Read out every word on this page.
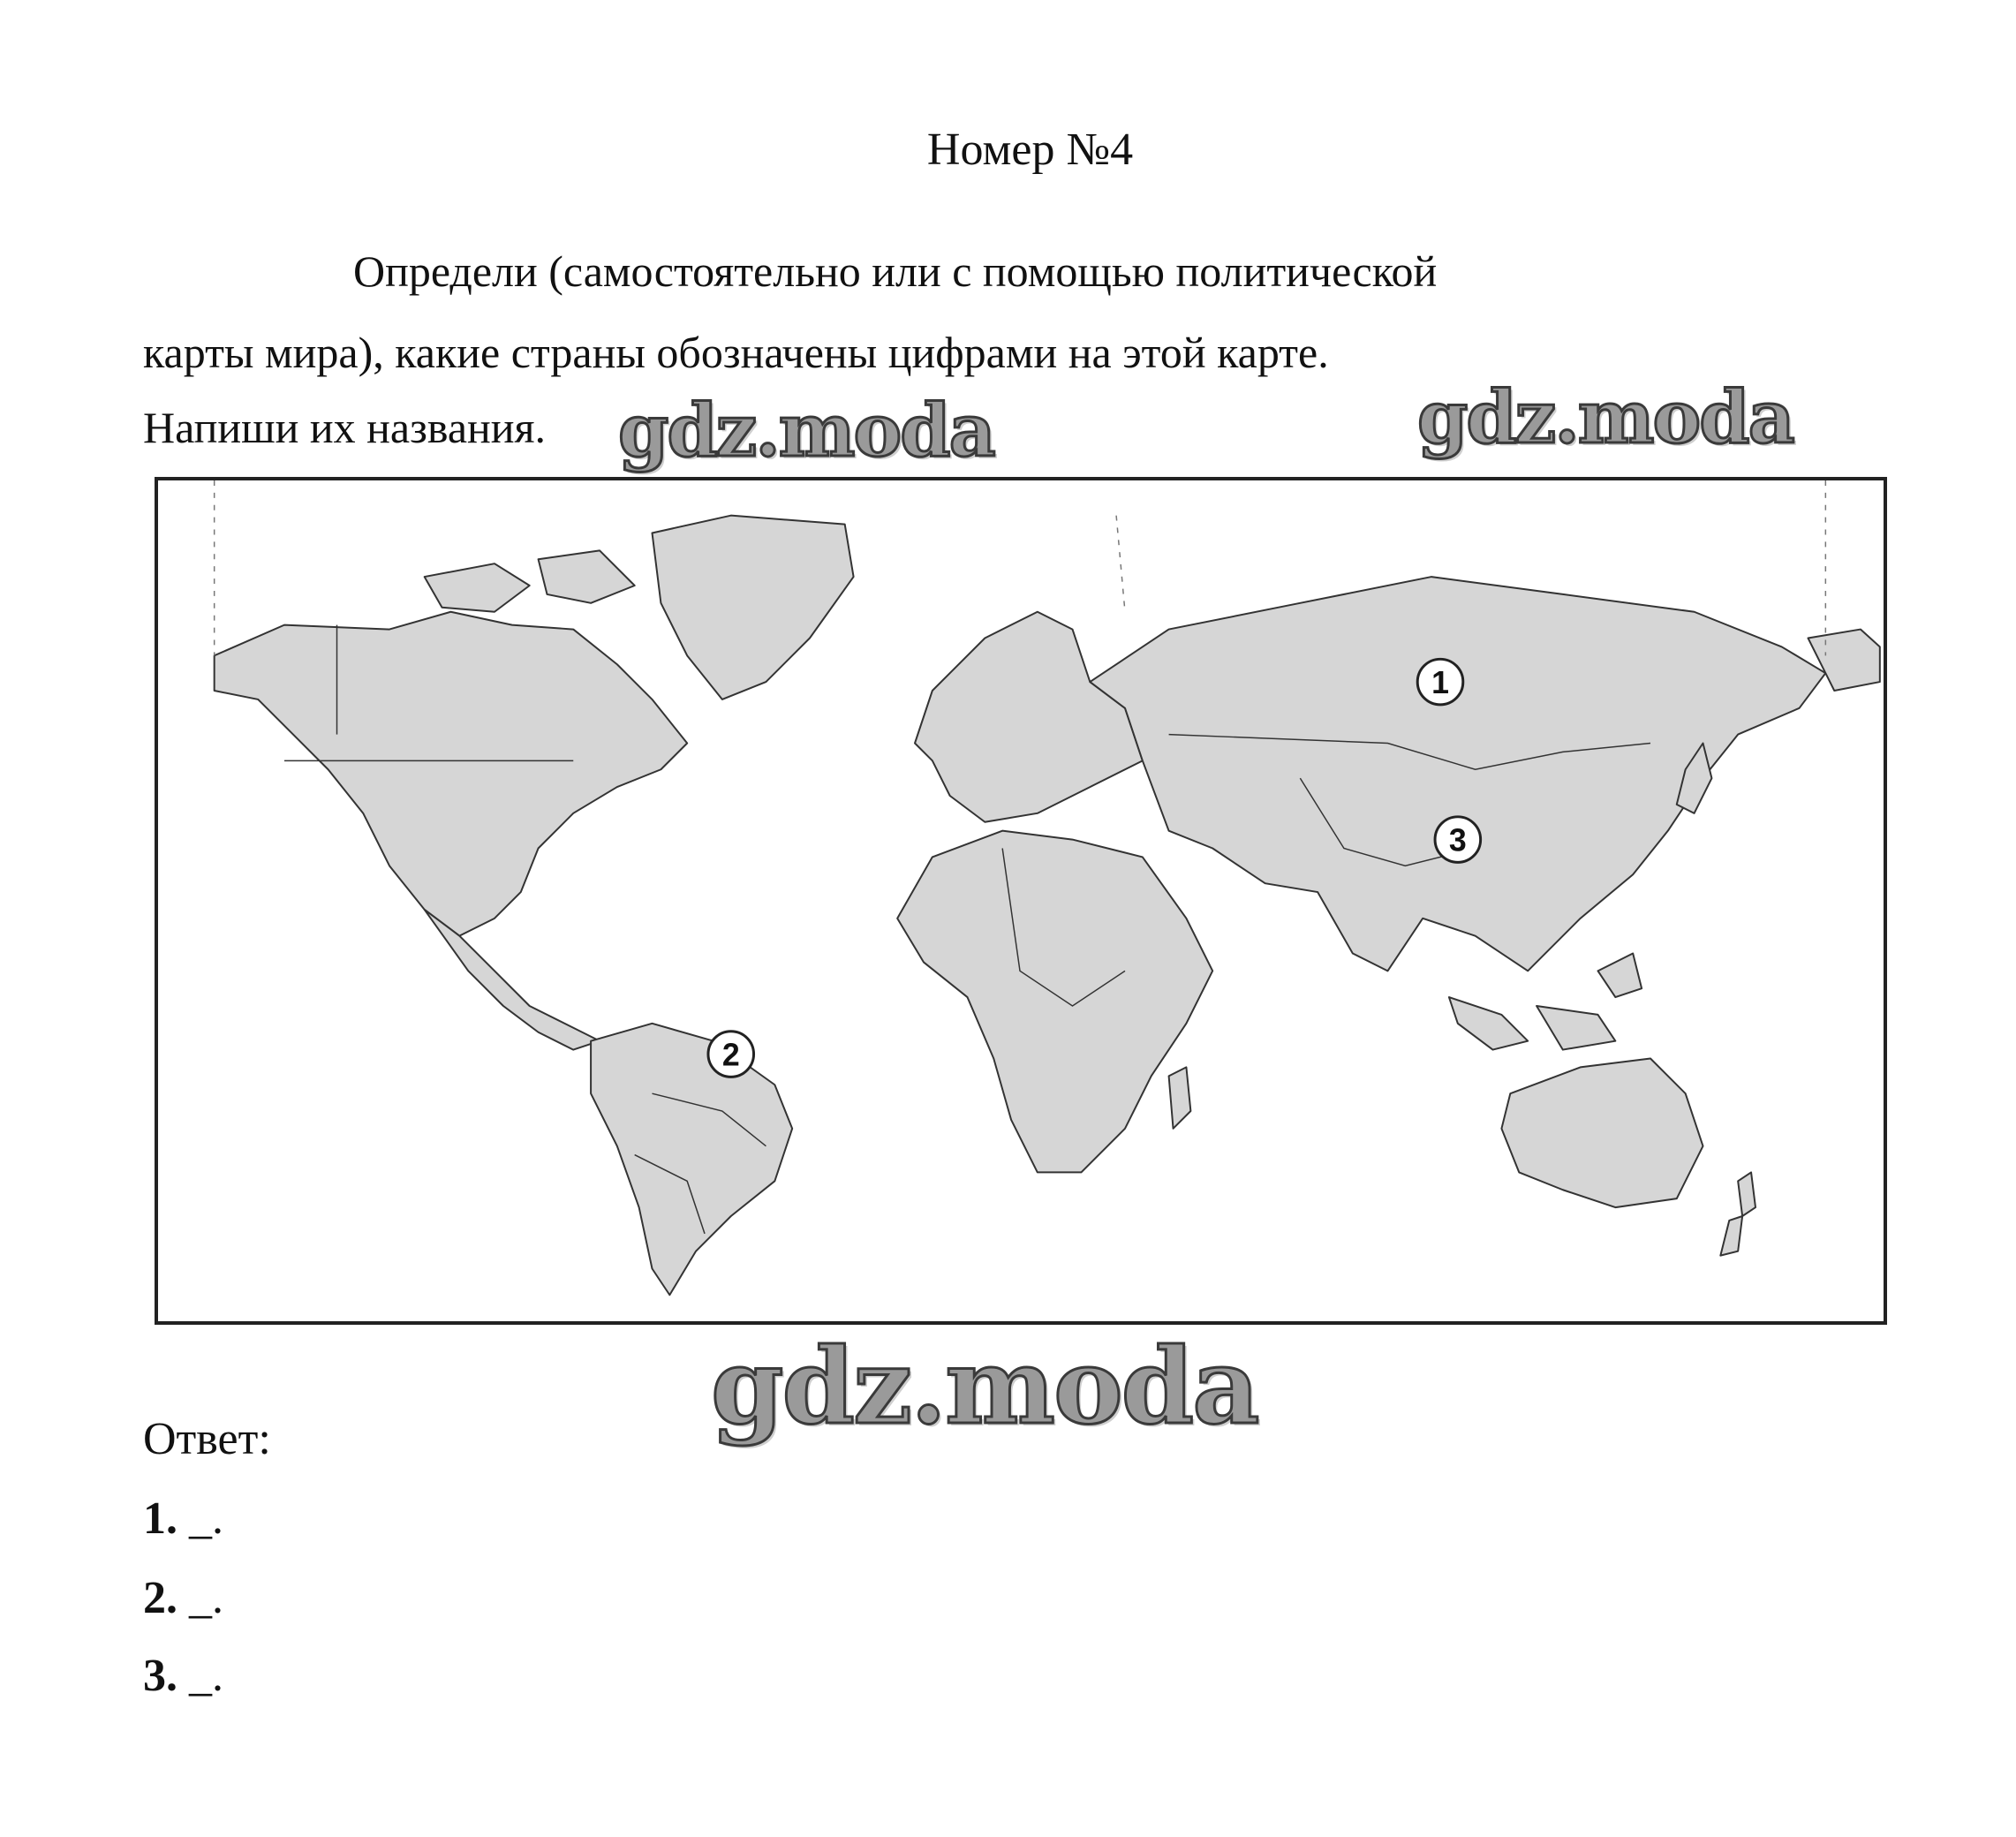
Номер №4
Определи (самостоятельно или с помощью политической
карты мира), какие страны обозначены цифрами на этой карте.
Напиши их названия.
1
2
3
gdz.moda	gdz.moda
gdz.moda
Ответ:
1. _.
2. _.
3. _.
